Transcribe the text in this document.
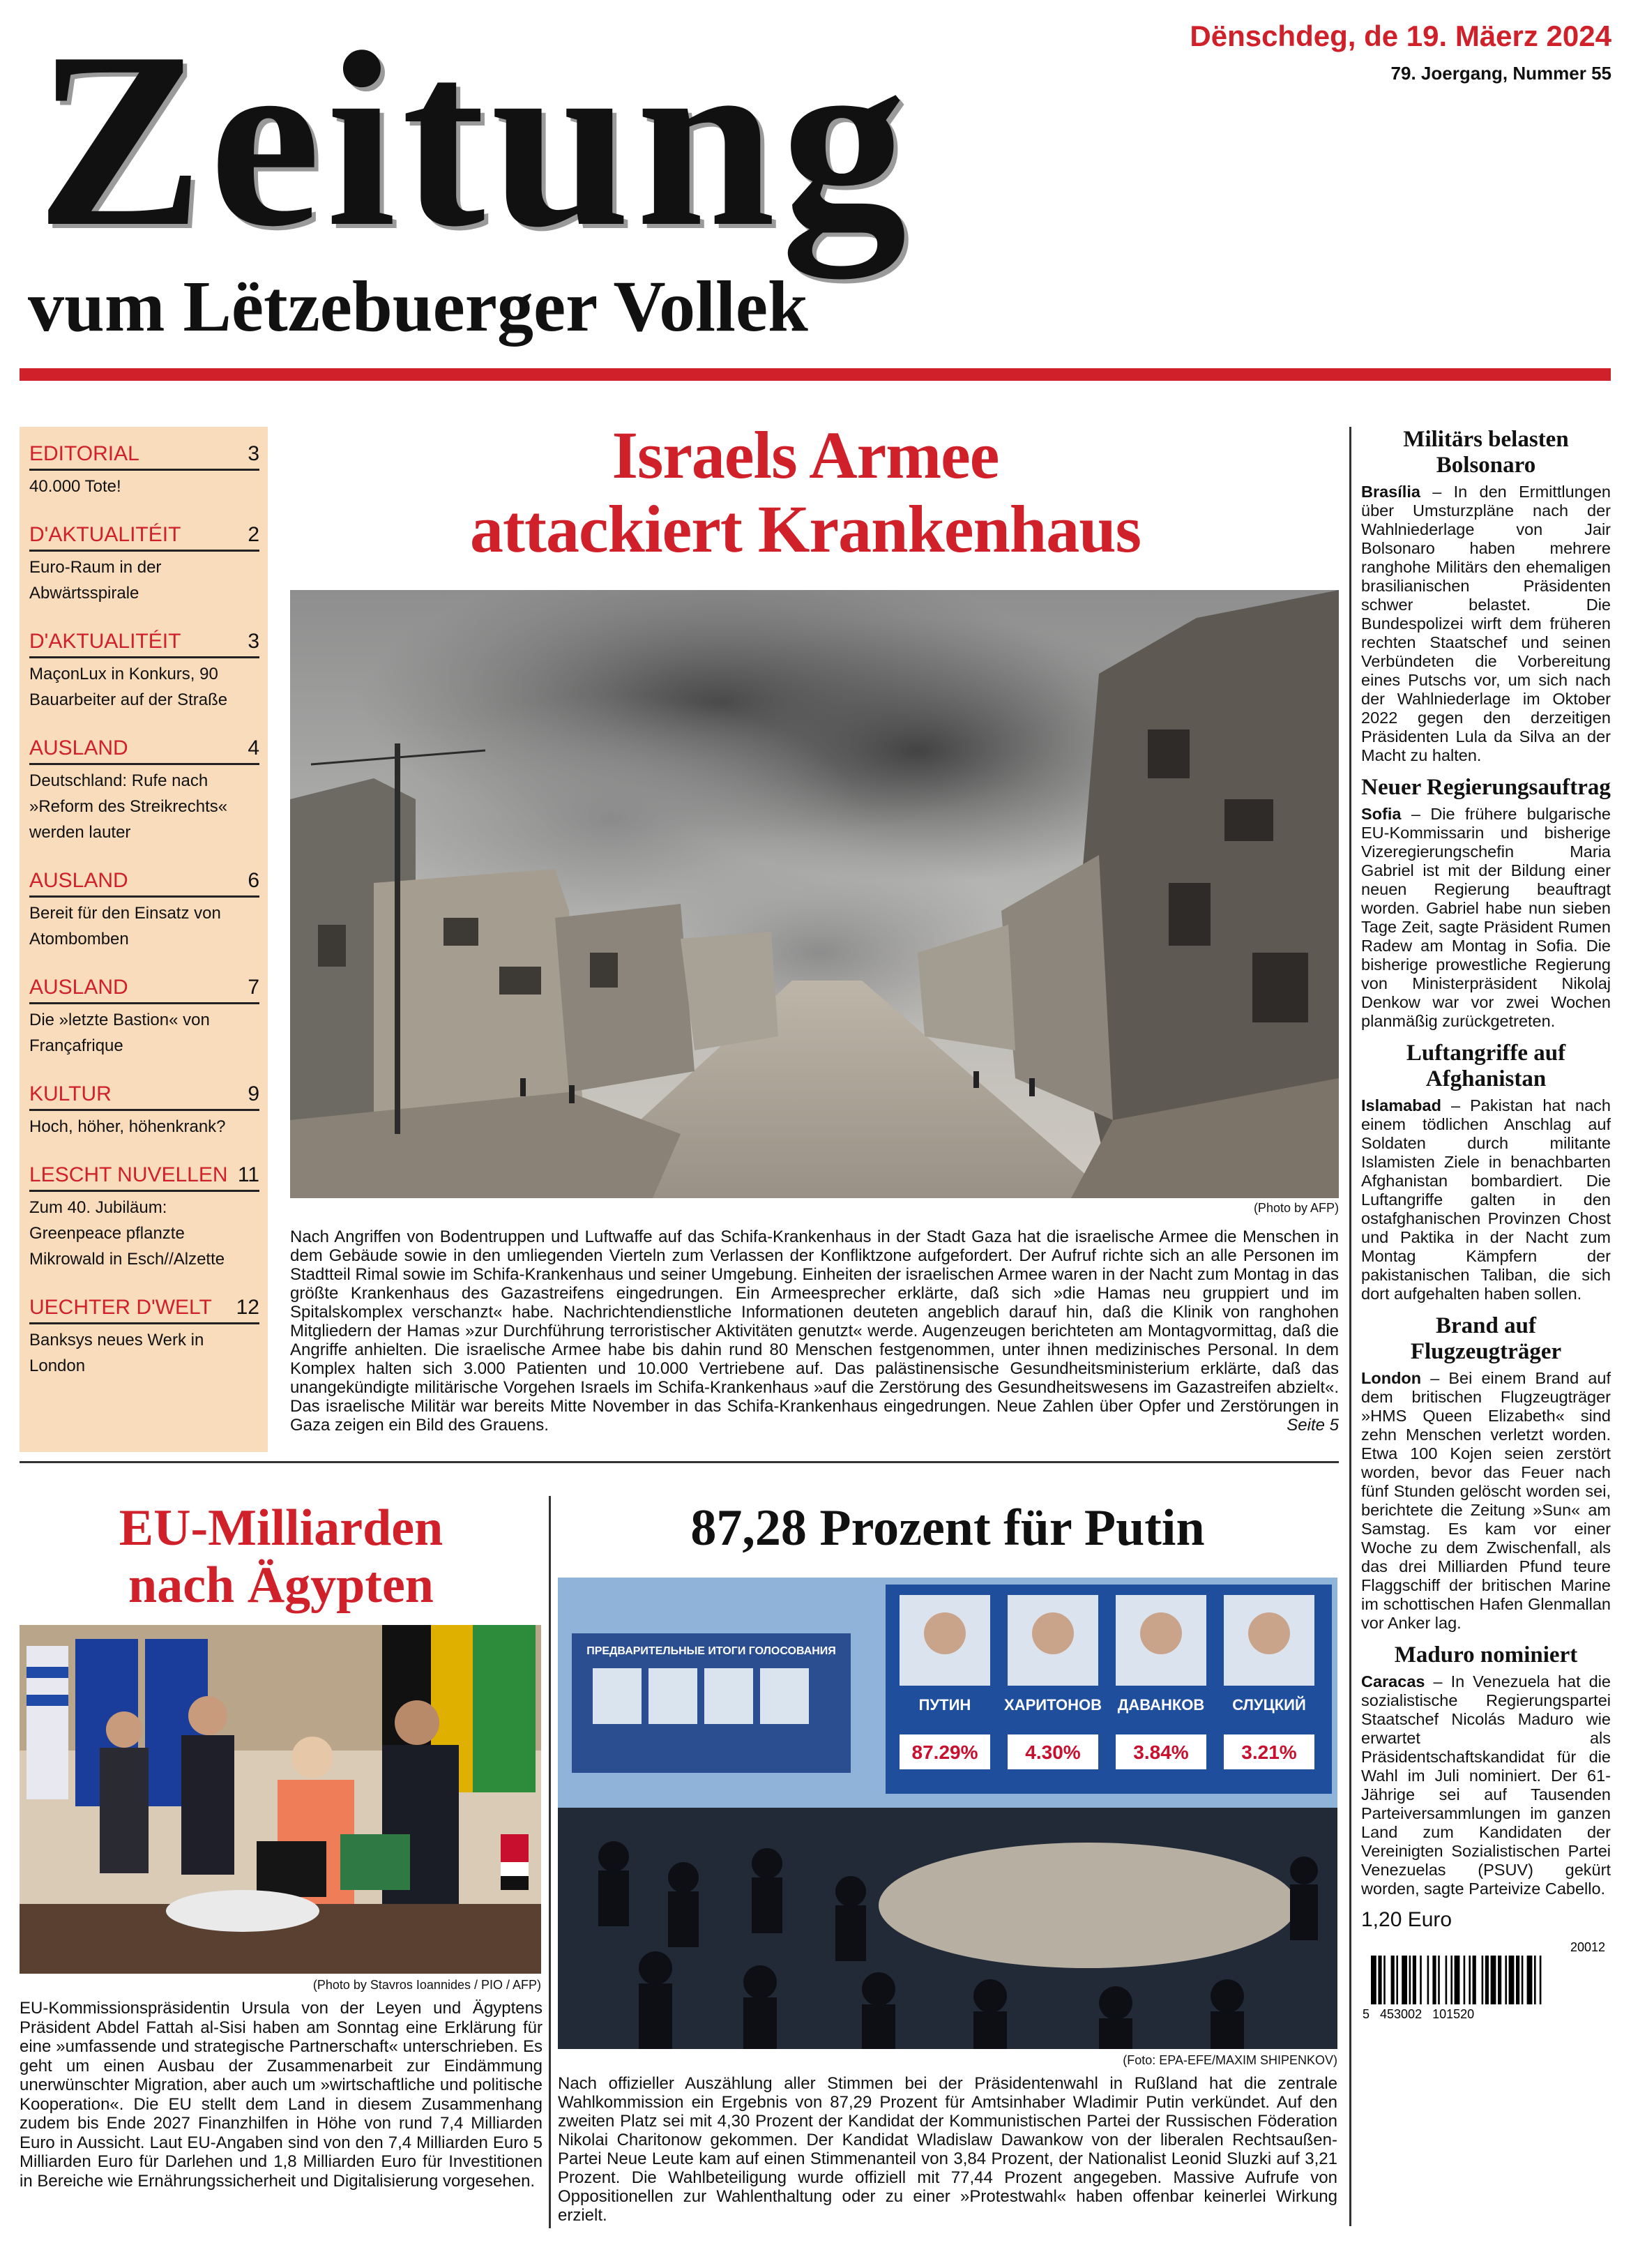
Zeitung
vum Lëtzebuerger Vollek
Dënschdeg, de 19. Mäerz 2024
79. Joergang, Nummer 55
EDITORIAL	3
40.000 Tote!
D'AKTUALITÉIT	2
Euro-Raum in der Abwärtsspirale
D'AKTUALITÉIT	3
MaçonLux in Konkurs, 90 Bauarbeiter auf der Straße
AUSLAND	4
Deutschland: Rufe nach »Reform des Streikrechts« werden lauter
AUSLAND	6
Bereit für den Einsatz von Atombomben
AUSLAND	7
Die »letzte Bastion« von Françafrique
KULTUR	9
Hoch, höher, höhenkrank?
LESCHT NUVELLEN 11
Zum 40. Jubiläum: Greenpeace pflanzte Mikrowald in Esch//Alzette
UECHTER D'WELT 12
Banksys neues Werk in London
Israels Armee
attackiert Krankenhaus
(Photo by AFP)
Nach Angriffen von Bodentruppen und Luftwaffe auf das Schifa-Krankenhaus in der Stadt Gaza hat die israelische Armee die Menschen in dem Gebäude sowie in den umliegenden Vierteln zum Verlassen der Konfliktzone aufgefordert. Der Aufruf richte sich an alle Personen im Stadtteil Rimal sowie im Schifa-Krankenhaus und seiner Umgebung. Einheiten der israelischen Armee waren in der Nacht zum Montag in das größte Krankenhaus des Gazastreifens eingedrungen. Ein Armeesprecher erklärte, daß sich »die Hamas neu gruppiert und im Spitalskomplex verschanzt« habe. Nachrichtendienstliche Informationen deuteten angeblich darauf hin, daß die Klinik von ranghohen Mitgliedern der Hamas »zur Durchführung terroristischer Aktivitäten genutzt« werde. Augenzeugen berichteten am Montagvormittag, daß die Angriffe anhielten. Die israelische Armee habe bis dahin rund 80 Menschen festgenommen, unter ihnen medizinisches Personal. In dem Komplex halten sich 3.000 Patienten und 10.000 Vertriebene auf. Das palästinensische Gesundheitsministerium erklärte, daß das unangekündigte militärische Vorgehen Israels im Schifa-Krankenhaus »auf die Zerstörung des Gesundheitswesens im Gazastreifen abzielt«. Das israelische Militär war bereits Mitte November in das Schifa-Krankenhaus eingedrungen. Neue Zahlen über Opfer und Zerstörungen in Gaza zeigen ein Bild des Grauens.	Seite 5
Militärs belasten Bolsonaro
Brasília – In den Ermittlungen über Umsturzpläne nach der Wahlniederlage von Jair Bolsonaro haben mehrere ranghohe Militärs den ehemaligen brasilianischen Präsidenten schwer belastet. Die Bundespolizei wirft dem früheren rechten Staatschef und seinen Verbündeten die Vorbereitung eines Putschs vor, um sich nach der Wahlniederlage im Oktober 2022 gegen den derzeitigen Präsidenten Lula da Silva an der Macht zu halten.
Neuer Regierungsauftrag
Sofia – Die frühere bulgarische EU-Kommissarin und bisherige Vizeregierungschefin Maria Gabriel ist mit der Bildung einer neuen Regierung beauftragt worden. Gabriel habe nun sieben Tage Zeit, sagte Präsident Rumen Radew am Montag in Sofia. Die bisherige prowestliche Regierung von Ministerpräsident Nikolaj Denkow war vor zwei Wochen planmäßig zurückgetreten.
Luftangriffe auf Afghanistan
Islamabad – Pakistan hat nach einem tödlichen Anschlag auf Soldaten durch militante Islamisten Ziele in benachbarten Afghanistan bombardiert. Die Luftangriffe galten in den ostafghanischen Provinzen Chost und Paktika in der Nacht zum Montag Kämpfern der pakistanischen Taliban, die sich dort aufgehalten haben sollen.
Brand auf Flugzeugträger
London – Bei einem Brand auf dem britischen Flugzeugträger »HMS Queen Elizabeth« sind zehn Menschen verletzt worden. Etwa 100 Kojen seien zerstört worden, bevor das Feuer nach fünf Stunden gelöscht worden sei, berichtete die Zeitung »Sun« am Samstag. Es kam vor einer Woche zu dem Zwischenfall, als das drei Milliarden Pfund teure Flaggschiff der britischen Marine im schottischen Hafen Glenmallan vor Anker lag.
Maduro nominiert
Caracas – In Venezuela hat die sozialistische Regierungspartei Staatschef Nicolás Maduro wie erwartet als Präsidentschaftskandidat für die Wahl im Juli nominiert. Der 61-Jährige sei auf Tausenden Parteiversammlungen im ganzen Land zum Kandidaten der Vereinigten Sozialistischen Partei Venezuelas (PSUV) gekürt worden, sagte Parteivize Cabello.
1,20 Euro
20012
5   453002   101520
EU-Milliarden
nach Ägypten
(Photo by Stavros Ioannides / PIO / AFP)
EU-Kommissionspräsidentin Ursula von der Leyen und Ägyptens Präsident Abdel Fattah al-Sisi haben am Sonntag eine Erklärung für eine »umfassende und strategische Partnerschaft« unterschrieben. Es geht um einen Ausbau der Zusammenarbeit zur Eindämmung unerwünschter Migration, aber auch um »wirtschaftliche und politische Kooperation«. Die EU stellt dem Land in diesem Zusammenhang zudem bis Ende 2027 Finanzhilfen in Höhe von rund 7,4 Milliarden Euro in Aussicht. Laut EU-Angaben sind von den 7,4 Milliarden Euro 5 Milliarden Euro für Darlehen und 1,8 Milliarden Euro für Investitionen in Bereiche wie Ernährungssicherheit und Digitalisierung vorgesehen.
87,28 Prozent für Putin
ПРЕДВАРИТЕЛЬНЫЕ ИТОГИ ГОЛОСОВАНИЯ
ПУТИН
87.29%
ХАРИТОНОВ
4.30%
ДАВАНКОВ
3.84%
СЛУЦКИЙ
3.21%
(Foto: EPA-EFE/MAXIM SHIPENKOV)
Nach offizieller Auszählung aller Stimmen bei der Präsidentenwahl in Rußland hat die zentrale Wahlkommission ein Ergebnis von 87,29 Prozent für Amtsinhaber Wladimir Putin verkündet. Auf den zweiten Platz sei mit 4,30 Prozent der Kandidat der Kommunistischen Partei der Russischen Föderation Nikolai Charitonow gekommen. Der Kandidat Wladislaw Dawankow von der liberalen Rechtsaußen-Partei Neue Leute kam auf einen Stimmenanteil von 3,84 Prozent, der Nationalist Leonid Sluzki auf 3,21 Prozent. Die Wahlbeteiligung wurde offiziell mit 77,44 Prozent angegeben. Massive Aufrufe von Oppositionellen zur Wahlenthaltung oder zu einer »Protestwahl« haben offenbar keinerlei Wirkung erzielt.
